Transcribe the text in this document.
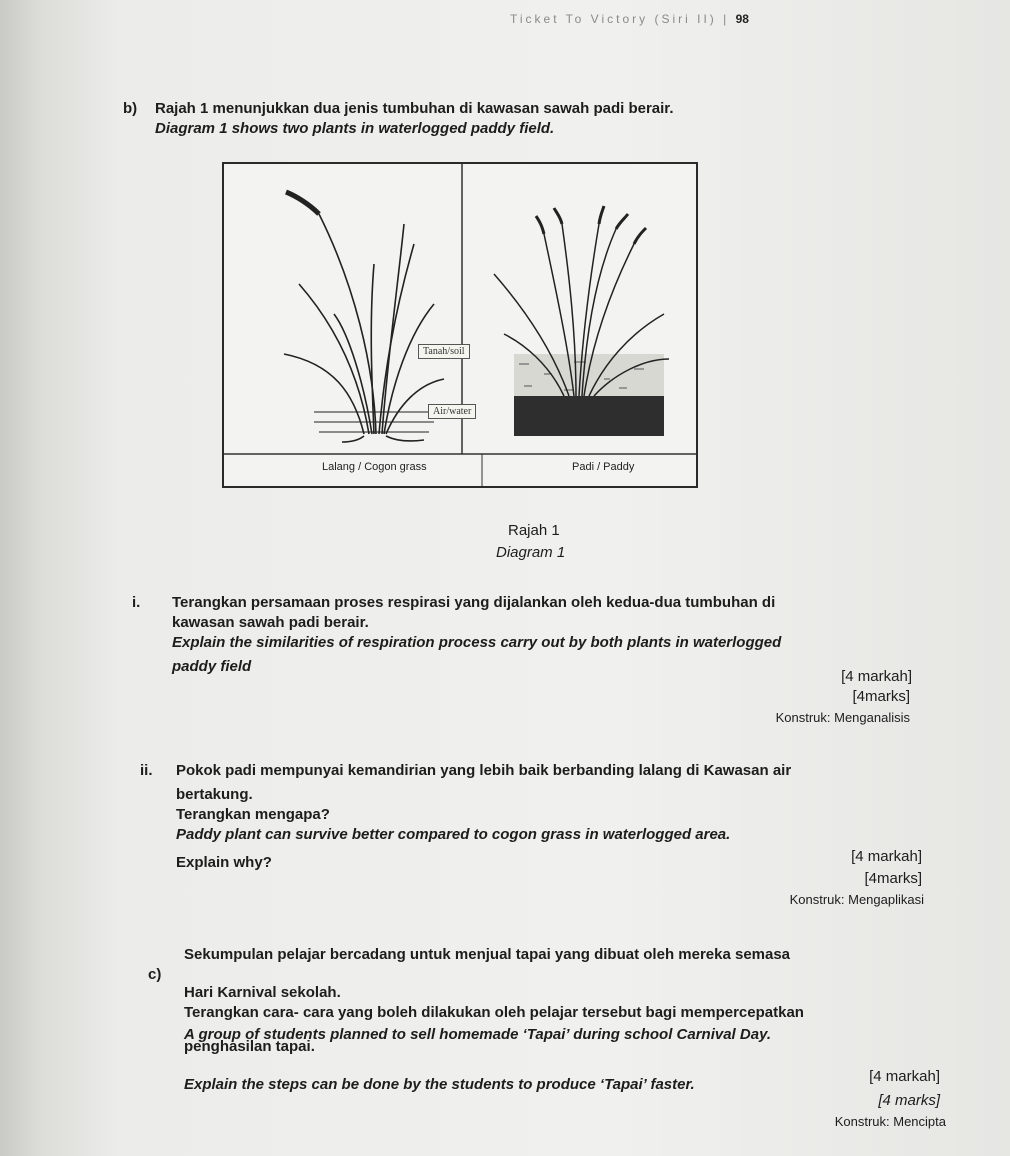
Ticket To Victory (Siri II) | 98
b) Rajah 1 menunjukkan dua jenis tumbuhan di kawasan sawah padi berair.
Diagram 1 shows two plants in waterlogged paddy field.
Tanah/soil
Air/water
Lalang / Cogon grass	Padi / Paddy
Rajah 1
Diagram 1
i. Terangkan persamaan proses respirasi yang dijalankan oleh kedua-dua tumbuhan di
kawasan sawah padi berair.
Explain the similarities of respiration process carry out by both plants in waterlogged
paddy field
[4 markah]
[4marks]
Konstruk: Menganalisis
ii. Pokok padi mempunyai kemandirian yang lebih baik berbanding lalang di Kawasan air
bertakung.
Terangkan mengapa?
Paddy plant can survive better compared to cogon grass in waterlogged area.
Explain why?	[4 markah]
[4marks]
Konstruk: Mengaplikasi
c)
Sekumpulan pelajar bercadang untuk menjual tapai yang dibuat oleh mereka semasa
Hari Karnival sekolah.
Terangkan cara- cara yang boleh dilakukan oleh pelajar tersebut bagi mempercepatkan
penghasilan tapai.
A group of students planned to sell homemade ‘Tapai’ during school Carnival Day.
Explain the steps can be done by the students to produce ‘Tapai’ faster.	[4 markah]
[4 marks]
Konstruk: Mencipta
